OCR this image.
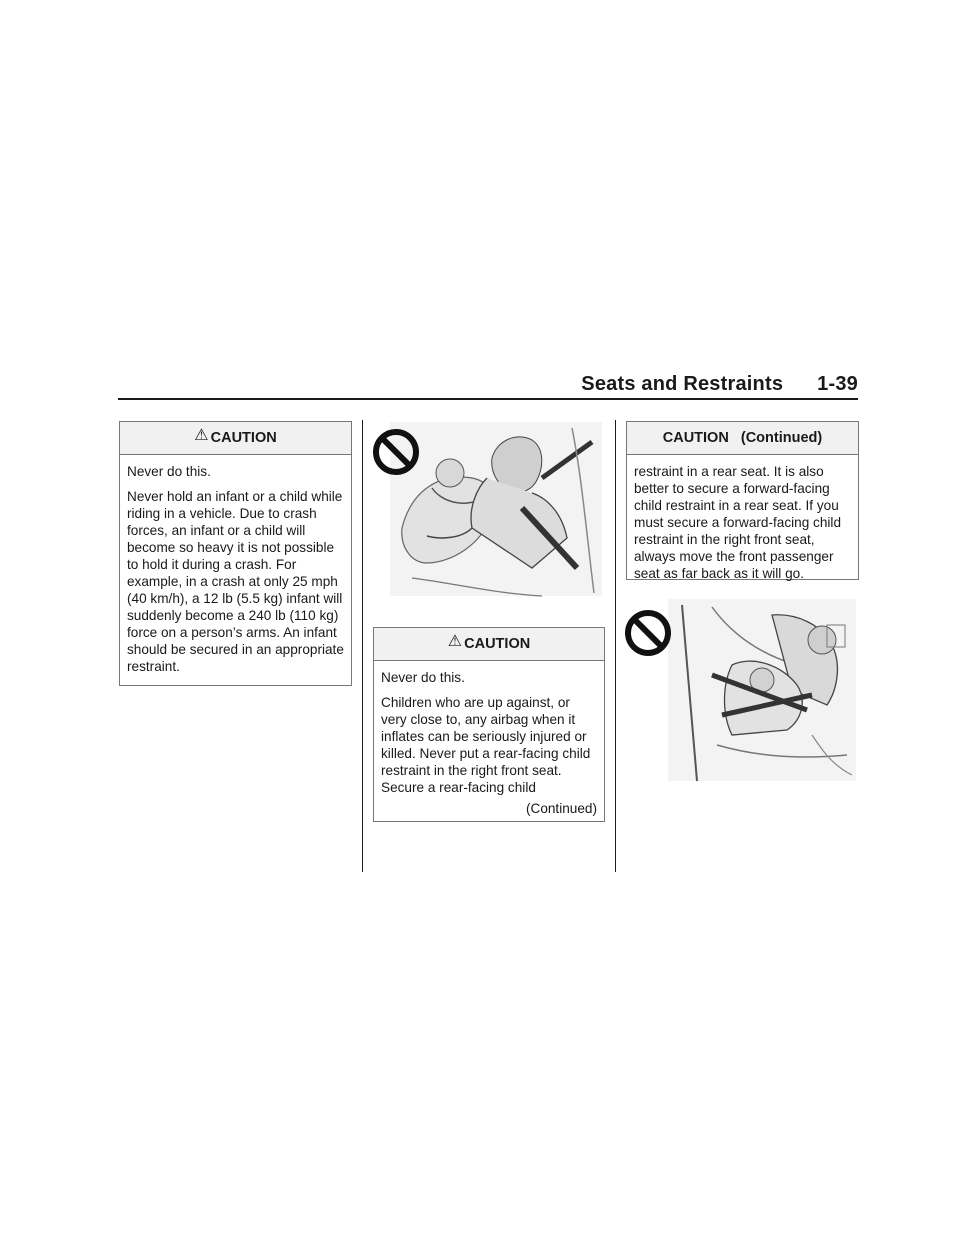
Seats and Restraints 1-39
⚠ CAUTION

Never do this.

Never hold an infant or a child while riding in a vehicle. Due to crash forces, an infant or a child will become so heavy it is not possible to hold it during a crash. For example, in a crash at only 25 mph (40 km/h), a 12 lb (5.5 kg) infant will suddenly become a 240 lb (110 kg) force on a person’s arms. An infant should be secured in an appropriate restraint.

⚠ CAUTION

Never do this.

Children who are up against, or very close to, any airbag when it inflates can be seriously injured or killed. Never put a rear-facing child restraint in the right front seat. Secure a rear-facing child

(Continued)
CAUTION   (Continued)

restraint in a rear seat. It is also better to secure a forward-facing child restraint in a rear seat. If you must secure a forward-facing child restraint in the right front seat, always move the front passenger seat as far back as it will go.
